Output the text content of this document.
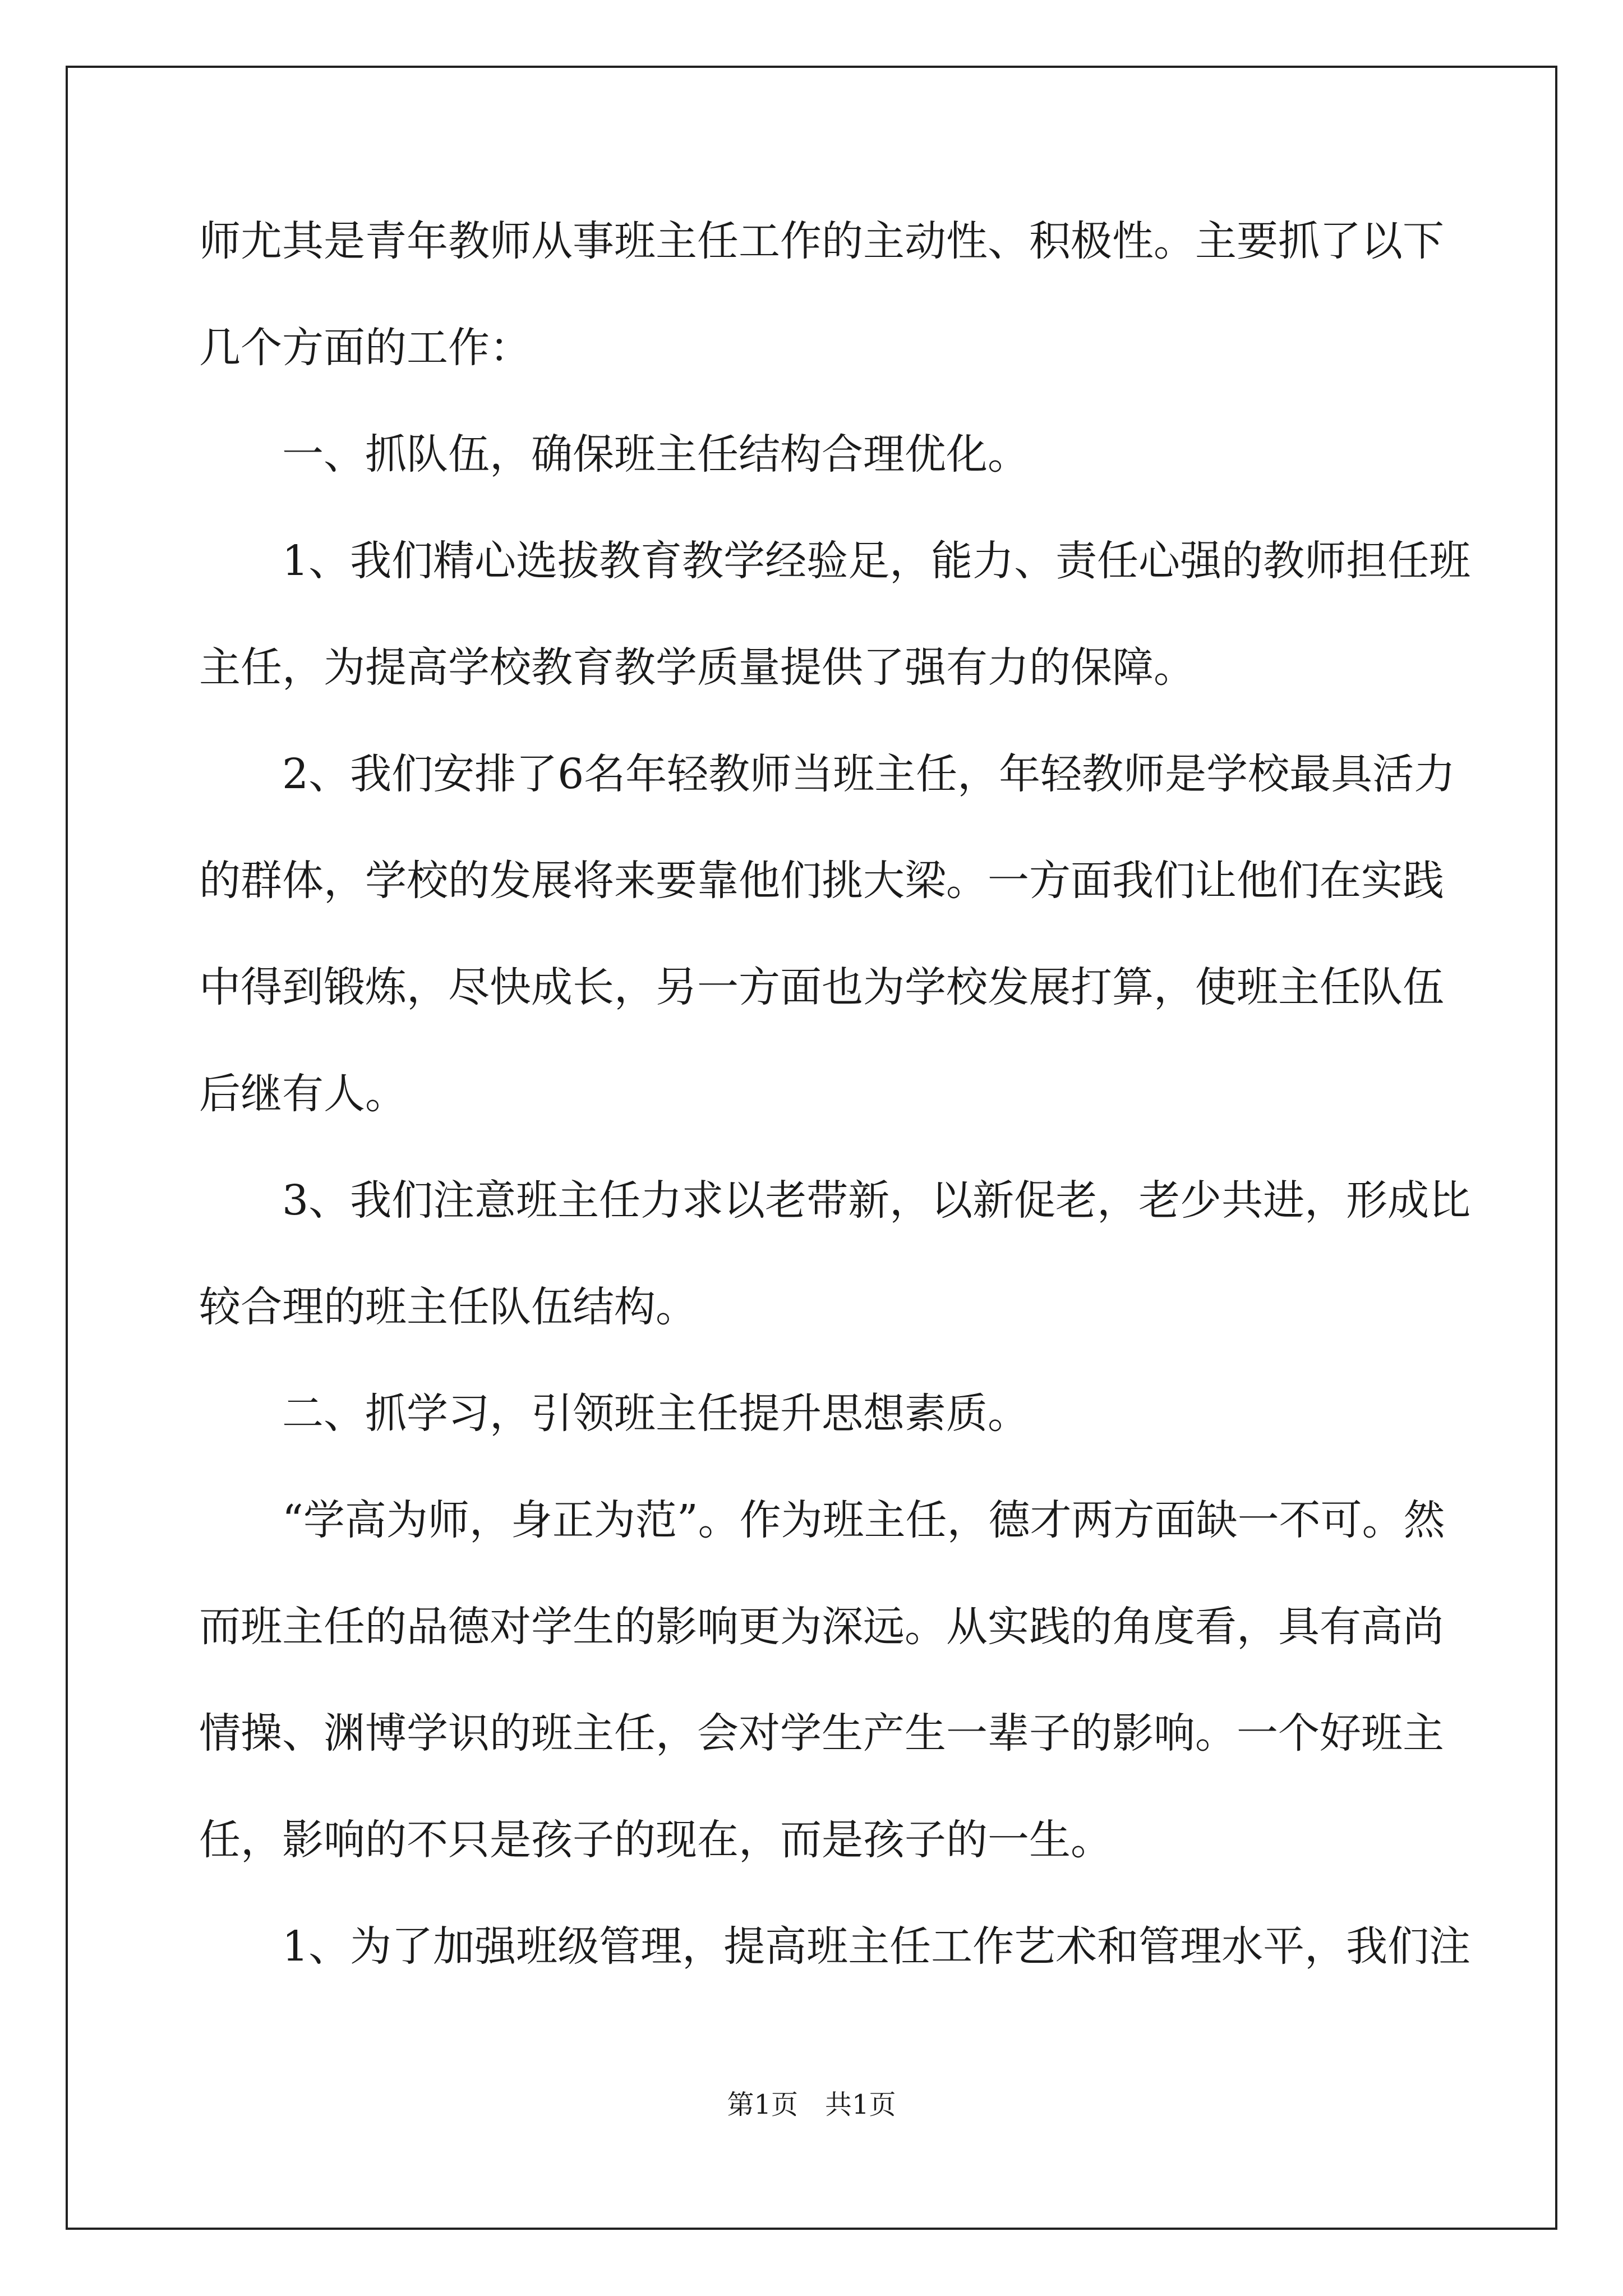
师尤其是青年教师从事班主任工作的主动性、积极性。主要抓了以下
几个方面的工作：
一、抓队伍，确保班主任结构合理优化。
1、我们精心选拔教育教学经验足，能力、责任心强的教师担任班
主任，为提高学校教育教学质量提供了强有力的保障。
2、我们安排了6名年轻教师当班主任，年轻教师是学校最具活力
的群体，学校的发展将来要靠他们挑大梁。一方面我们让他们在实践
中得到锻炼，尽快成长，另一方面也为学校发展打算，使班主任队伍
后继有人。
3、我们注意班主任力求以老带新，以新促老，老少共进，形成比
较合理的班主任队伍结构。
二、抓学习，引领班主任提升思想素质。
“学高为师，身正为范”。作为班主任，德才两方面缺一不可。然
而班主任的品德对学生的影响更为深远。从实践的角度看，具有高尚
情操、渊博学识的班主任，会对学生产生一辈子的影响。一个好班主
任，影响的不只是孩子的现在，而是孩子的一生。
1、为了加强班级管理，提高班主任工作艺术和管理水平，我们注
第1页 共1页
